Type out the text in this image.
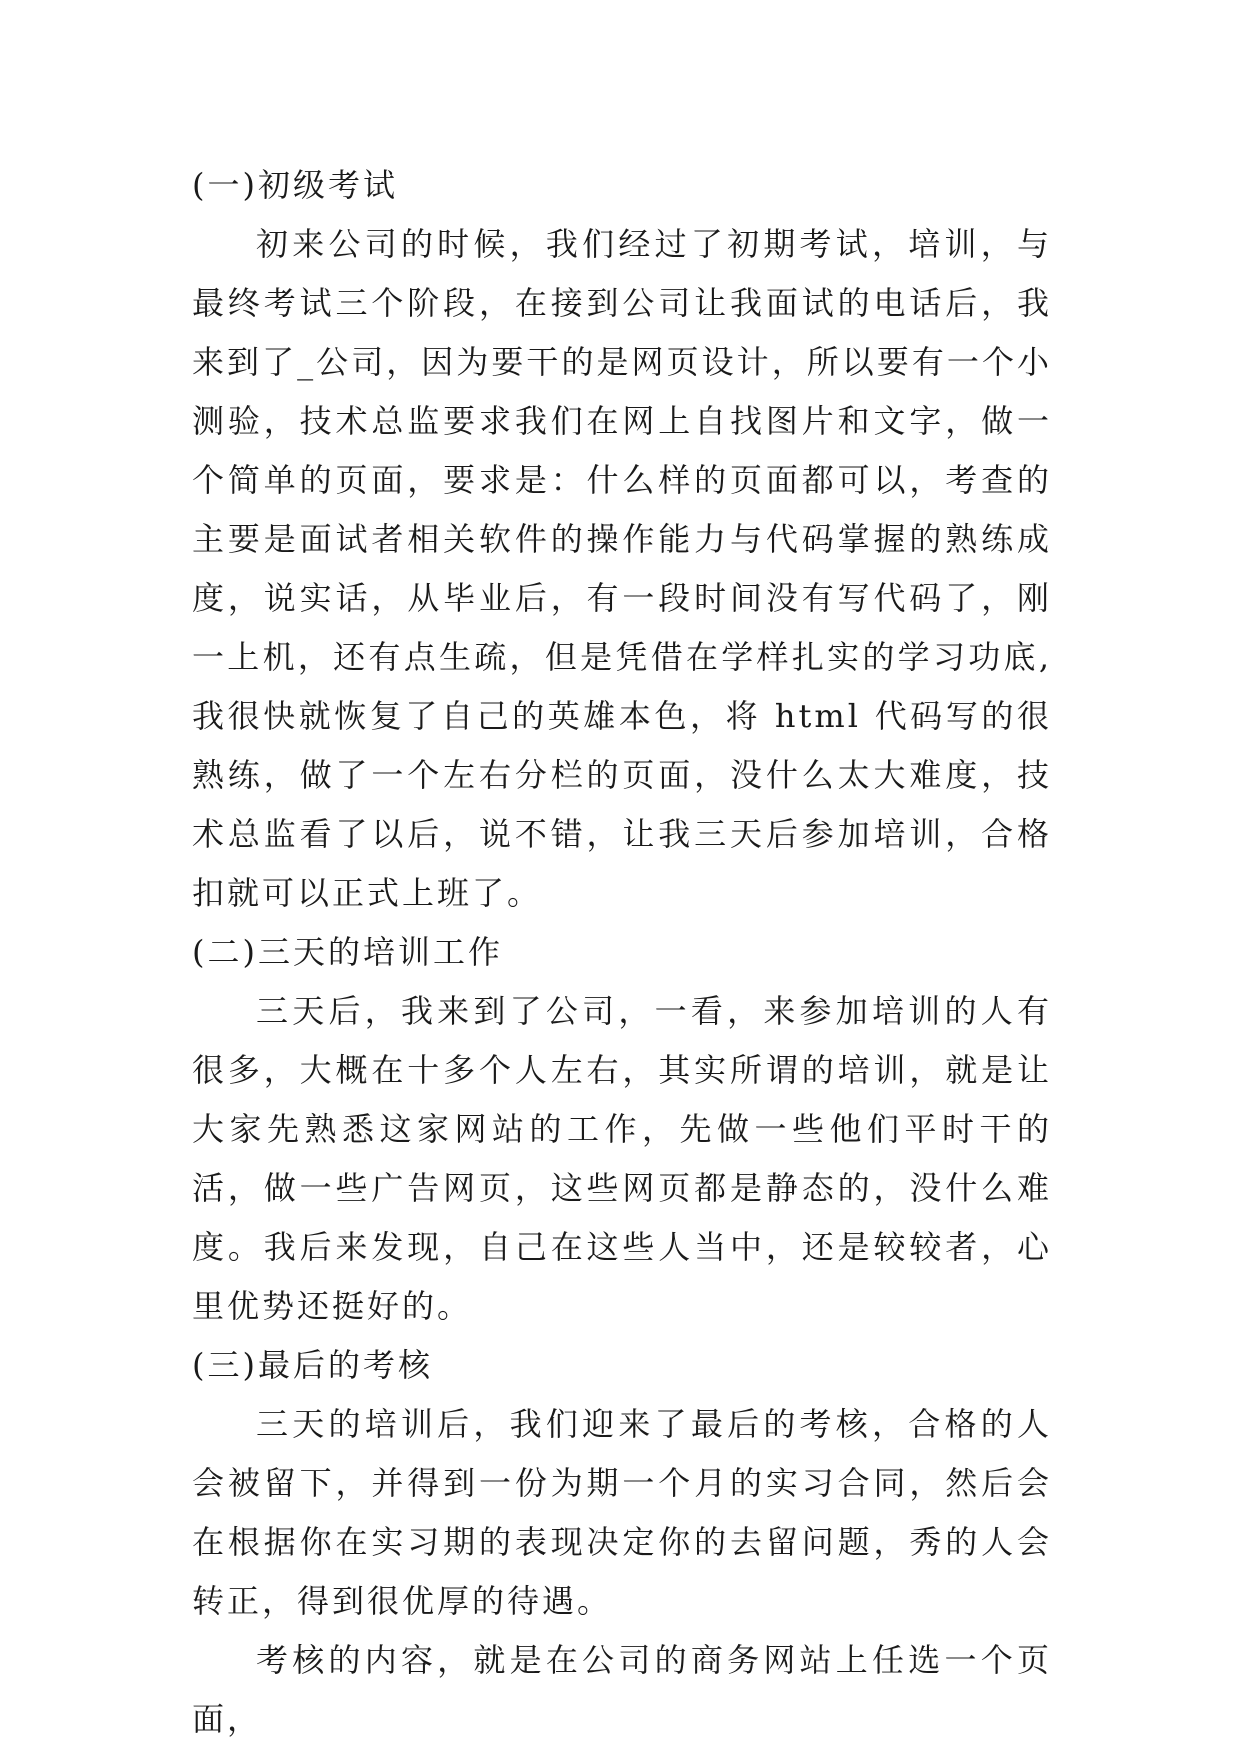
(一)初级考试

初来公司的时候，我们经过了初期考试，培训，与最终考试三个阶段，在接到公司让我面试的电话后，我来到了_公司，因为要干的是网页设计，所以要有一个小测验，技术总监要求我们在网上自找图片和文字，做一个简单的页面，要求是：什么样的页面都可以，考查的主要是面试者相关软件的操作能力与代码掌握的熟练成度，说实话，从毕业后，有一段时间没有写代码了，刚一上机，还有点生疏，但是凭借在学样扎实的学习功底,我很快就恢复了自己的英雄本色，将 html 代码写的很熟练，做了一个左右分栏的页面，没什么太大难度，技术总监看了以后，说不错，让我三天后参加培训，合格扣就可以正式上班了。

(二)三天的培训工作

三天后，我来到了公司，一看，来参加培训的人有很多，大概在十多个人左右，其实所谓的培训，就是让大家先熟悉这家网站的工作，先做一些他们平时干的活，做一些广告网页，这些网页都是静态的，没什么难度。我后来发现，自己在这些人当中，还是较较者，心里优势还挺好的。

(三)最后的考核

三天的培训后，我们迎来了最后的考核，合格的人会被留下，并得到一份为期一个月的实习合同，然后会在根据你在实习期的表现决定你的去留问题，秀的人会转正，得到很优厚的待遇。

考核的内容，就是在公司的商务网站上任选一个页面，
